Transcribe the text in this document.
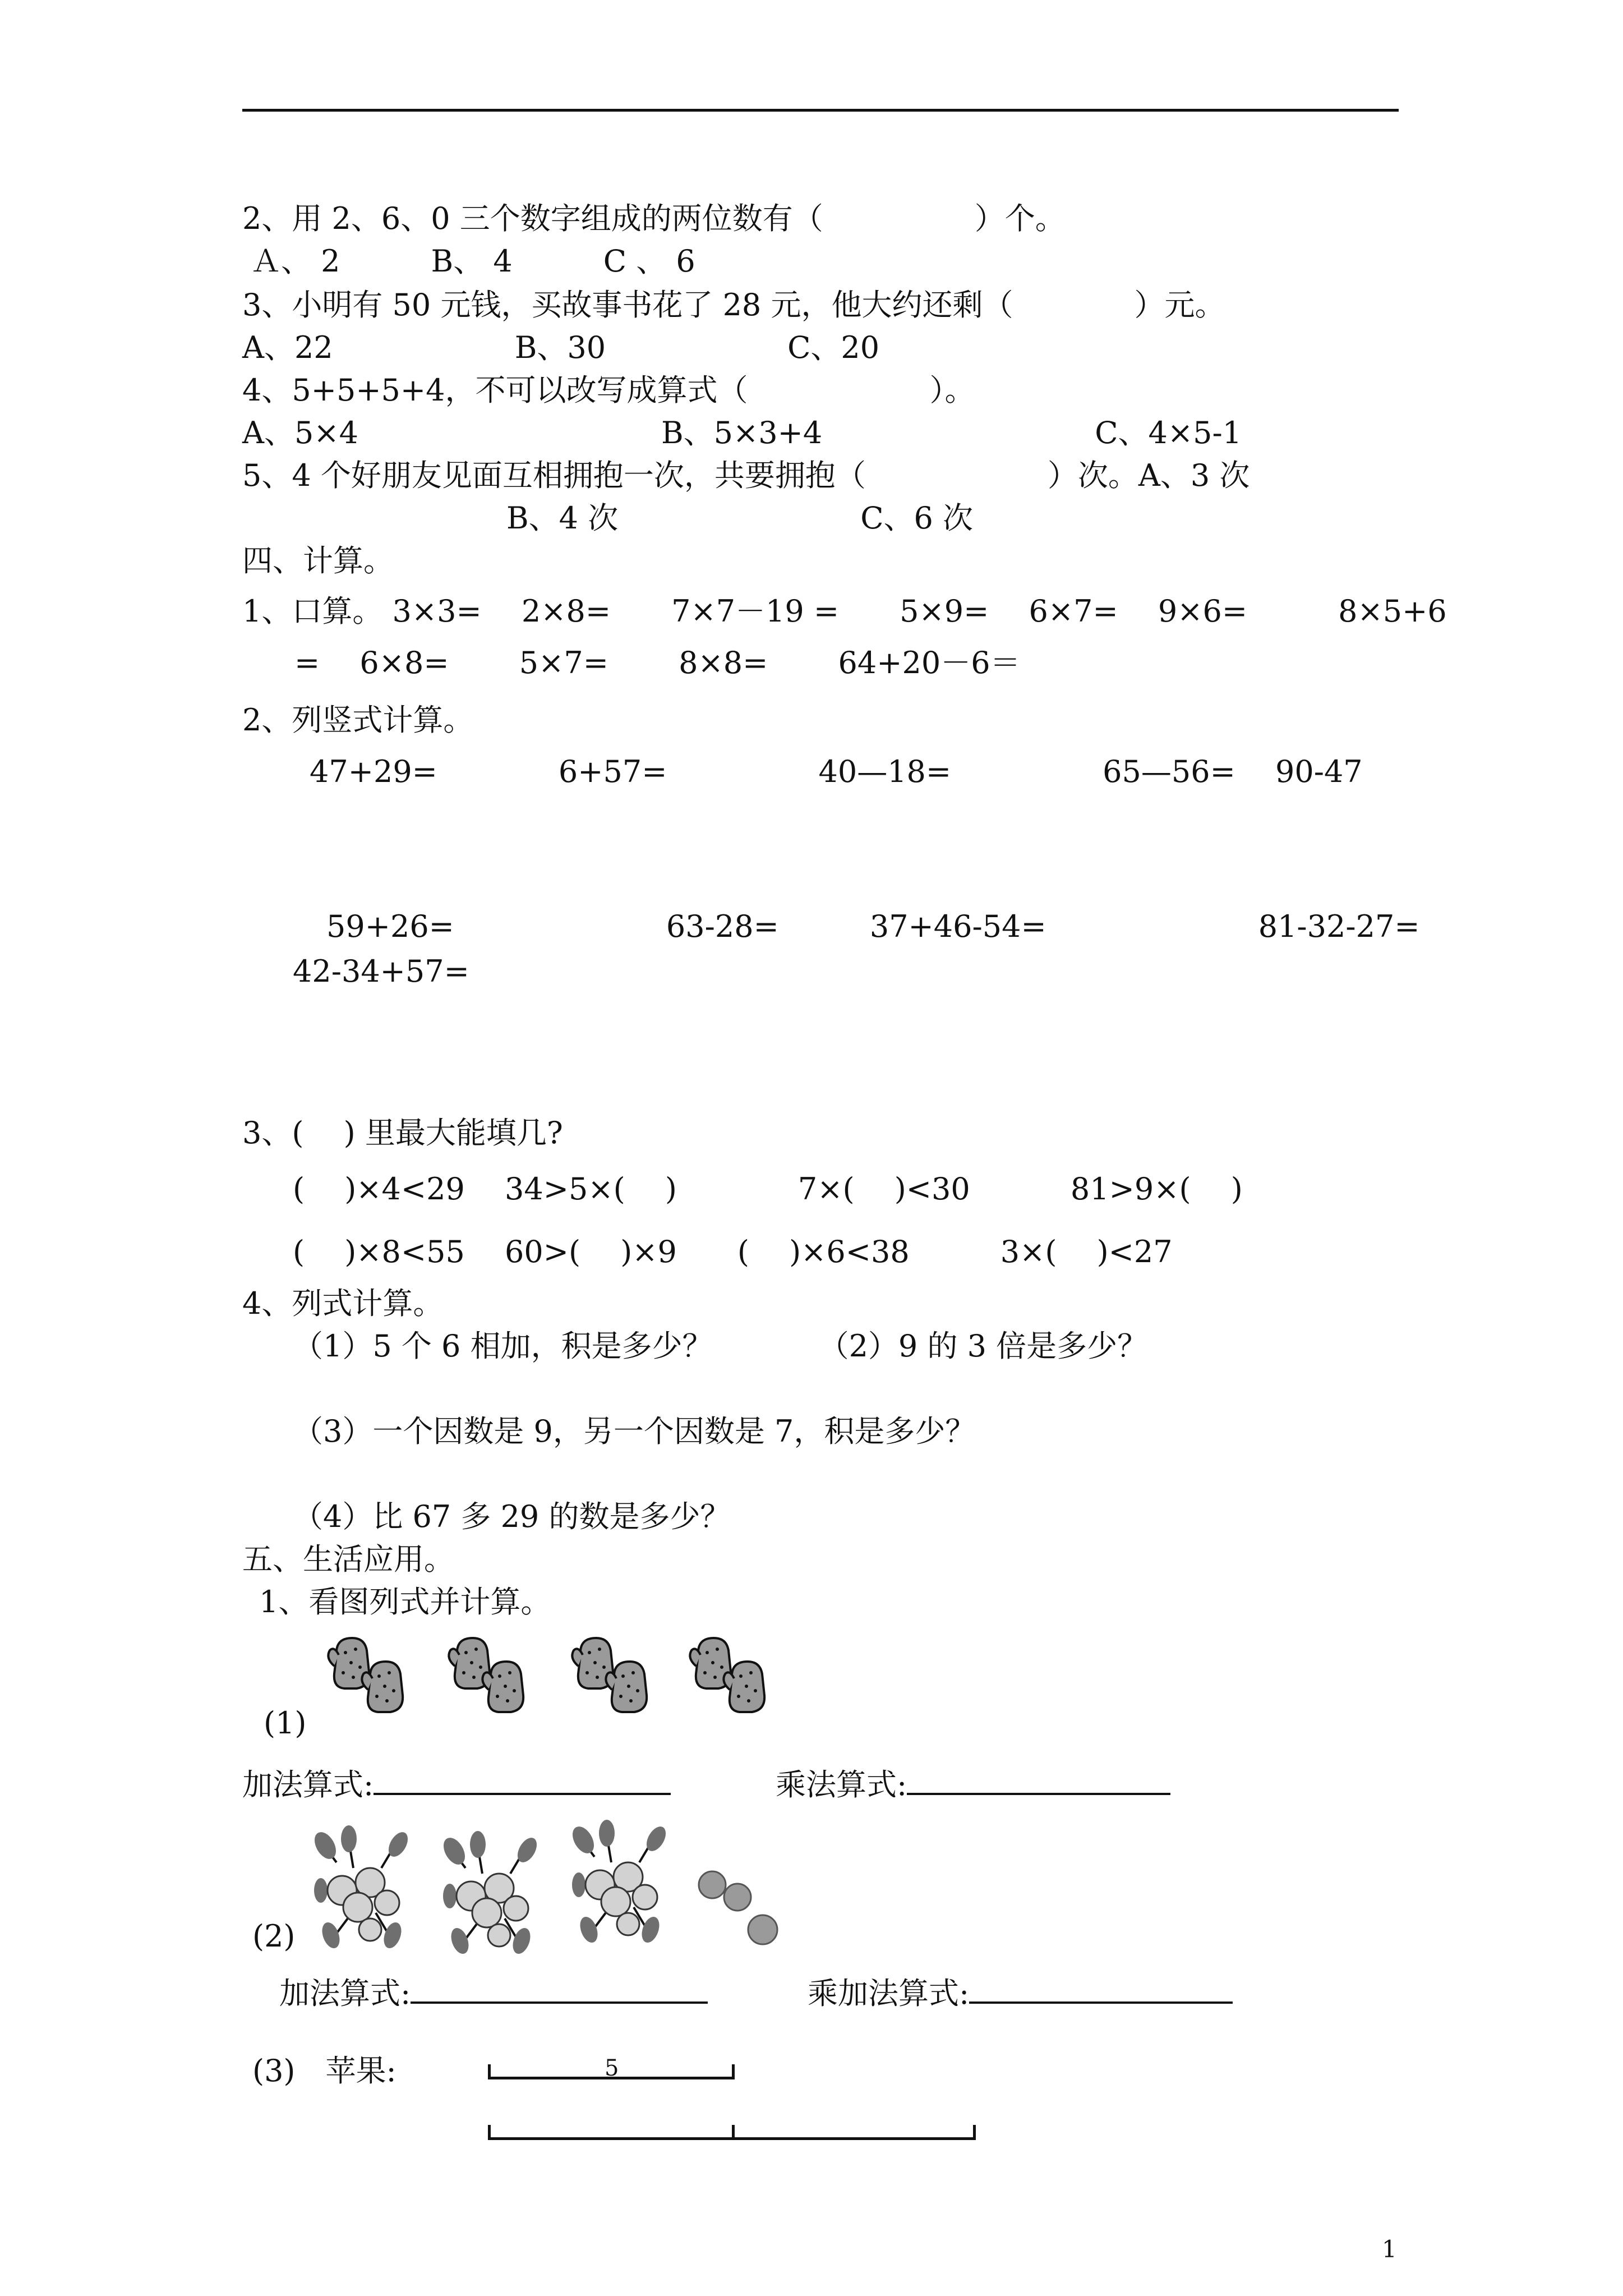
2、用 2、6、0 三个数字组成的两位数有（　　　　　）个。
Ａ、 2　　　B、 4　　　C 、 6
3、小明有 50 元钱，买故事书花了 28 元，他大约还剩（　　　　）元。
A、22　　　　　　B、30　　　　　　C、20
4、5+5+5+4，不可以改写成算式（　　　　　　）。
A、5×4　　　　　　　　　　B、5×3+4　　　　　　　　　C、4×5-1
5、4 个好朋友见面互相拥抱一次，共要拥抱（　　　　　　）次。A、3 次
B、4 次　　　　　　　　C、6 次
四、计算。
1、口算。 3×3=　 2×8=　　7×7－19 =　　5×9=　 6×7=　 9×6=　　　8×5+6
=　 6×8=　　 5×7=　　 8×8=　　 64+20－6＝
2、列竖式计算。
47+29=　　　　6+57=　　　　　40—18=　　　　　65—56=　 90-47
59+26=　　　　　　　63-28=　　　37+46-54=　　　　　　　81-32-27=
42-34+57=
3、(　 ) 里最大能填几?
(　 )×4<29　 34>5×(　 )　　　　7×(　 )<30　　　 81>9×(　 )
(　 )×8<55　 60>(　 )×9　　(　 )×6<38　　　3×(　 )<27
4、列式计算。
（1）5 个 6 相加，积是多少？　　　　（2）9 的 3 倍是多少？
（3）一个因数是 9，另一个因数是 7，积是多少？
（4）比 67 多 29 的数是多少？
五、生活应用。
1、看图列式并计算。
(1)
加法算式:	乘法算式:
(2)
加法算式:	乘加法算式:
(3)　苹果:	5
1
